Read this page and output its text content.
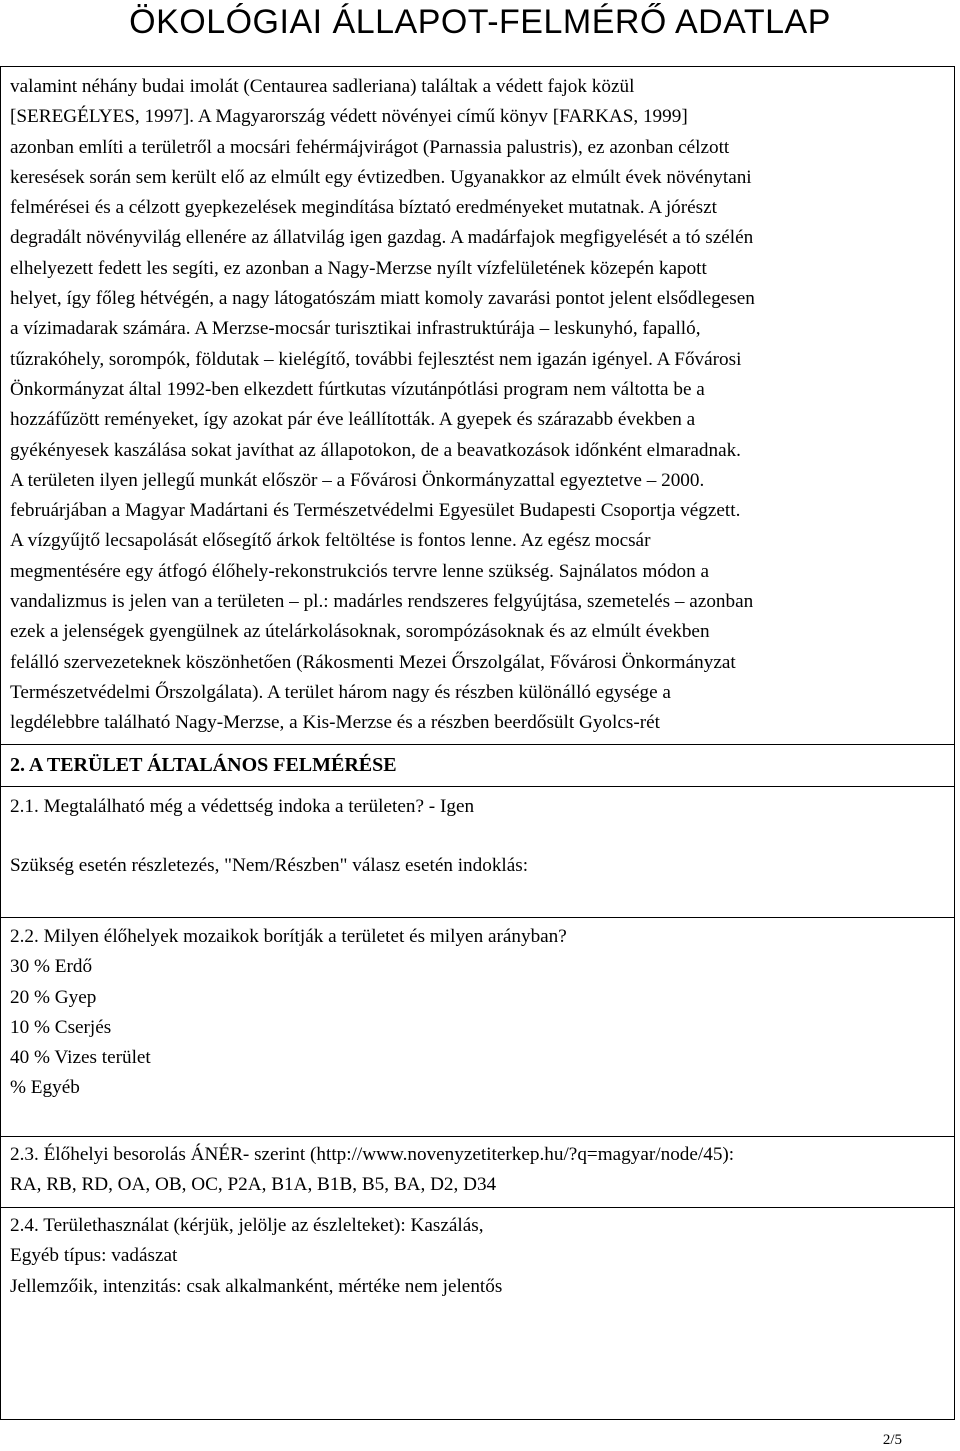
ÖKOLÓGIAI ÁLLAPOT-FELMÉRŐ ADATLAP
valamint néhány budai imolát (Centaurea sadleriana) találtak a védett fajok közül
[SEREGÉLYES, 1997]. A Magyarország védett növényei című könyv [FARKAS, 1999]
azonban említi a területről a mocsári fehérmájvirágot (Parnassia palustris), ez azonban célzott
keresések során sem került elő az elmúlt egy évtizedben. Ugyanakkor az elmúlt évek növénytani
felmérései és a célzott gyepkezelések megindítása bíztató eredményeket mutatnak. A jórészt
degradált növényvilág ellenére az állatvilág igen gazdag. A madárfajok megfigyelését a tó szélén
elhelyezett fedett les segíti, ez azonban a Nagy-Merzse nyílt vízfelületének közepén kapott
helyet, így főleg hétvégén, a nagy látogatószám miatt komoly zavarási pontot jelent elsődlegesen
a vízimadarak számára. A Merzse-mocsár turisztikai infrastruktúrája – leskunyhó, fapalló,
tűzrakóhely, sorompók, földutak – kielégítő, további fejlesztést nem igazán igényel. A Fővárosi
Önkormányzat által 1992-ben elkezdett fúrtkutas vízutánpótlási program nem váltotta be a
hozzáfűzött reményeket, így azokat pár éve leállították. A gyepek és szárazabb években a
gyékényesek kaszálása sokat javíthat az állapotokon, de a beavatkozások időnként elmaradnak.
A területen ilyen jellegű munkát először – a Fővárosi Önkormányzattal egyeztetve – 2000.
februárjában a Magyar Madártani és Természetvédelmi Egyesület Budapesti Csoportja végzett.
A vízgyűjtő lecsapolását elősegítő árkok feltöltése is fontos lenne. Az egész mocsár
megmentésére egy átfogó élőhely-rekonstrukciós tervre lenne szükség. Sajnálatos módon a
vandalizmus is jelen van a területen – pl.: madárles rendszeres felgyújtása, szemetelés – azonban
ezek a jelenségek gyengülnek az útelárkolásoknak, sorompózásoknak és az elmúlt években
felálló szervezeteknek köszönhetően (Rákosmenti Mezei Őrszolgálat, Fővárosi Önkormányzat
Természetvédelmi Őrszolgálata). A terület három nagy és részben különálló egysége a
legdélebbre található Nagy-Merzse, a Kis-Merzse és a részben beerdősült Gyolcs-rét
2. A TERÜLET ÁLTALÁNOS FELMÉRÉSE
2.1. Megtalálható még a védettség indoka a területen? - Igen
Szükség esetén részletezés, "Nem/Részben" válasz esetén indoklás:
2.2. Milyen élőhelyek mozaikok borítják a területet és milyen arányban?
30 % Erdő
20 % Gyep
10 % Cserjés
40 % Vizes terület
% Egyéb
2.3. Élőhelyi besorolás ÁNÉR- szerint (http://www.novenyzetiterkep.hu/?q=magyar/node/45):
RA, RB, RD, OA, OB, OC, P2A, B1A, B1B, B5, BA, D2, D34
2.4. Területhasználat (kérjük, jelölje az észlelteket): Kaszálás,
Egyéb típus: vadászat
Jellemzőik, intenzitás: csak alkalmanként, mértéke nem jelentős
2/5
